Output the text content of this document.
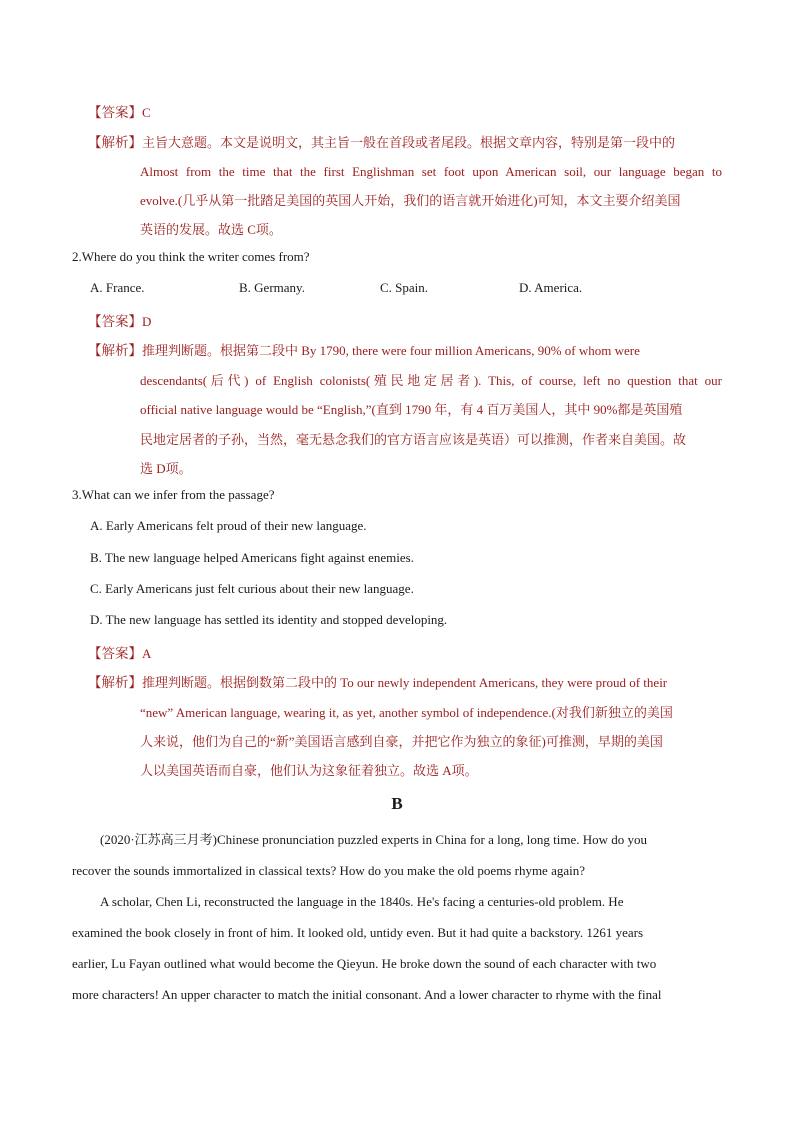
【答案】C
【解析】主旨大意题。本文是说明文，其主旨一般在首段或者尾段。根据文章内容，特别是第一段中的
Almost from the time that the first Englishman set foot upon American soil, our language began to
evolve.(几乎从第一批踏足美国的英国人开始，我们的语言就开始进化)可知，本文主要介绍美国
英语的发展。故选 C项。
2.Where do you think the writer comes from?
A. France.	B. Germany.	C. Spain.	D. America.
【答案】D
【解析】推理判断题。根据第二段中 By 1790, there were four million Americans, 90% of whom were
descendants(后代) of English colonists(殖民地定居者). This, of course, left no question that our
official native language would be “English,”(直到 1790 年，有 4 百万美国人，其中 90%都是英国殖
民地定居者的子孙，当然，毫无悬念我们的官方语言应该是英语）可以推测，作者来自美国。故
选 D项。
3.What can we infer from the passage?
A. Early Americans felt proud of their new language.
B. The new language helped Americans fight against enemies.
C. Early Americans just felt curious about their new language.
D. The new language has settled its identity and stopped developing.
【答案】A
【解析】推理判断题。根据倒数第二段中的 To our newly independent Americans, they were proud of their
“new” American language, wearing it, as yet, another symbol of independence.(对我们新独立的美国
人来说，他们为自己的“新”美国语言感到自豪，并把它作为独立的象征)可推测，早期的美国
人以美国英语而自豪，他们认为这象征着独立。故选 A项。
B
(2020·江苏高三月考)Chinese pronunciation puzzled experts in China for a long, long time. How do you
recover the sounds immortalized in classical texts? How do you make the old poems rhyme again?
A scholar, Chen Li, reconstructed the language in the 1840s. He's facing a centuries-old problem. He
examined the book closely in front of him. It looked old, untidy even. But it had quite a backstory. 1261 years
earlier, Lu Fayan outlined what would become the Qieyun. He broke down the sound of each character with two
more characters! An upper character to match the initial consonant. And a lower character to rhyme with the final
